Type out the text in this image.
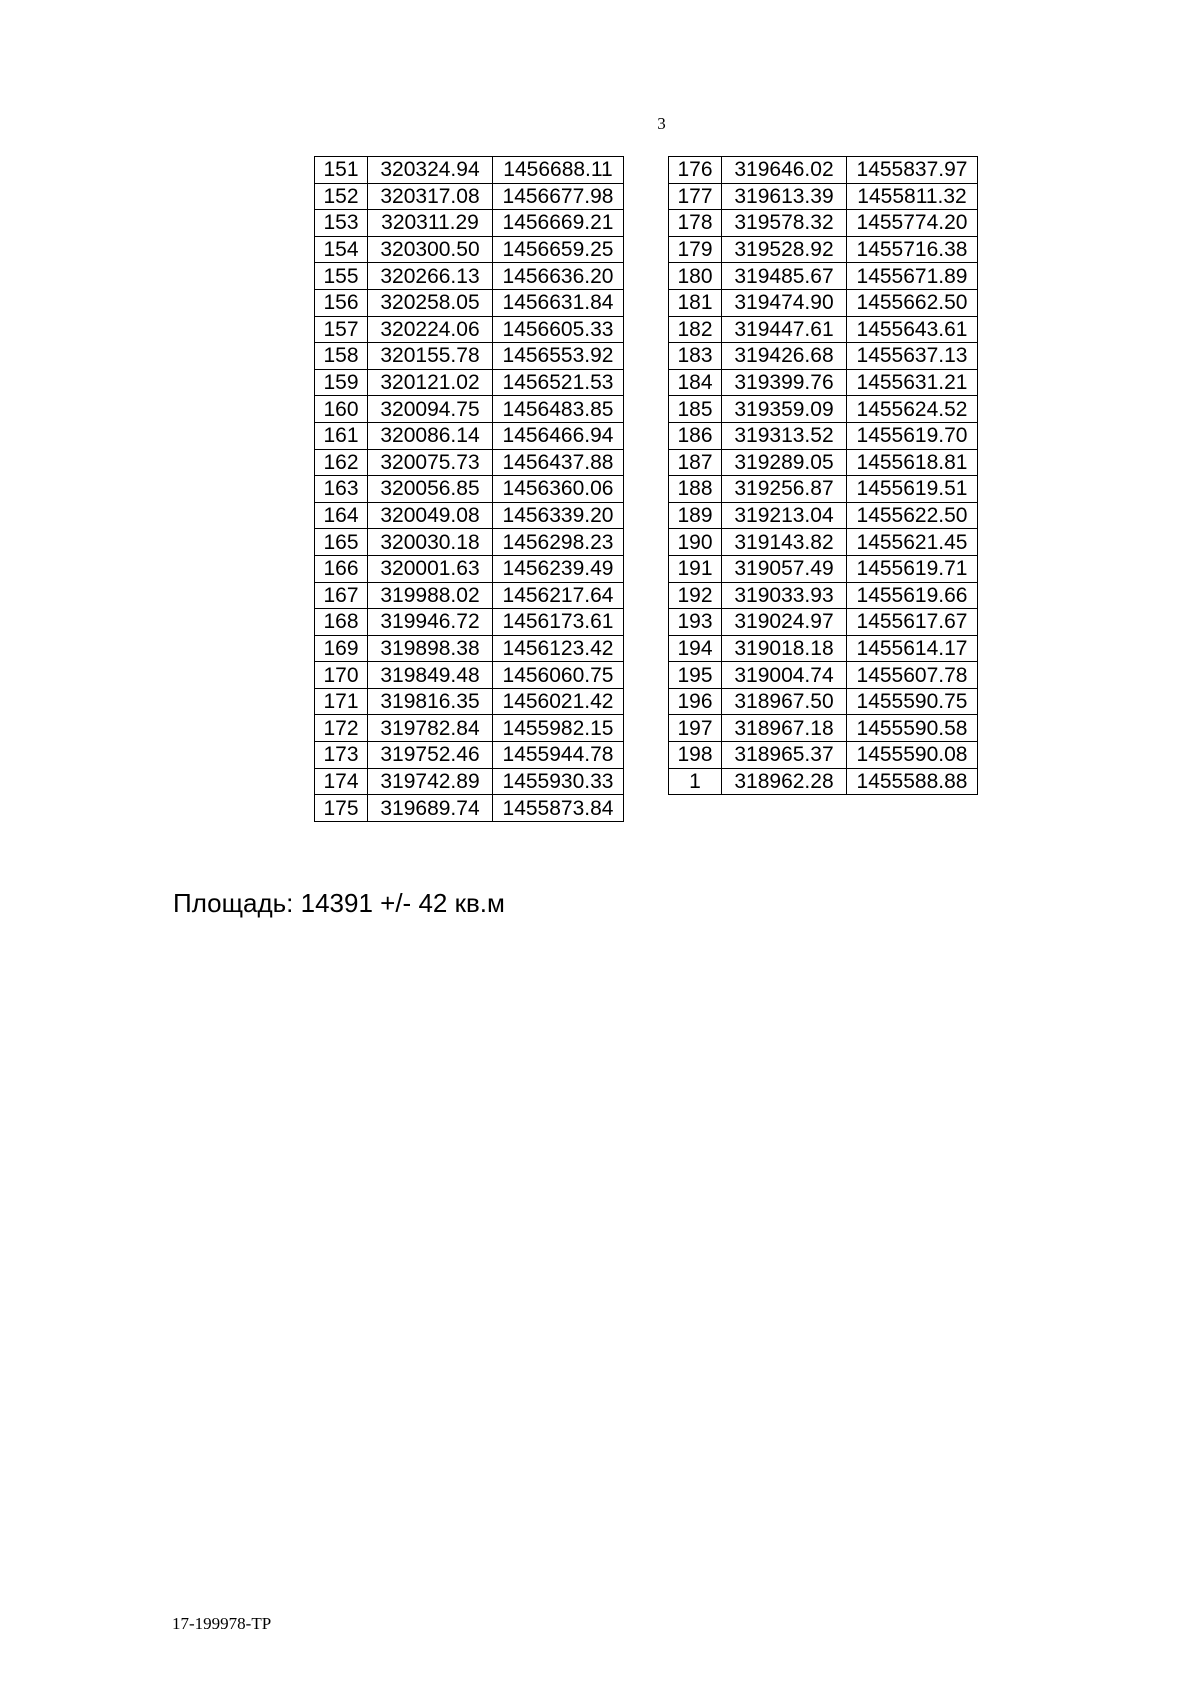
3
151	320324.94	1456688.11
152	320317.08	1456677.98
153	320311.29	1456669.21
154	320300.50	1456659.25
155	320266.13	1456636.20
156	320258.05	1456631.84
157	320224.06	1456605.33
158	320155.78	1456553.92
159	320121.02	1456521.53
160	320094.75	1456483.85
161	320086.14	1456466.94
162	320075.73	1456437.88
163	320056.85	1456360.06
164	320049.08	1456339.20
165	320030.18	1456298.23
166	320001.63	1456239.49
167	319988.02	1456217.64
168	319946.72	1456173.61
169	319898.38	1456123.42
170	319849.48	1456060.75
171	319816.35	1456021.42
172	319782.84	1455982.15
173	319752.46	1455944.78
174	319742.89	1455930.33
175	319689.74	1455873.84
176	319646.02	1455837.97
177	319613.39	1455811.32
178	319578.32	1455774.20
179	319528.92	1455716.38
180	319485.67	1455671.89
181	319474.90	1455662.50
182	319447.61	1455643.61
183	319426.68	1455637.13
184	319399.76	1455631.21
185	319359.09	1455624.52
186	319313.52	1455619.70
187	319289.05	1455618.81
188	319256.87	1455619.51
189	319213.04	1455622.50
190	319143.82	1455621.45
191	319057.49	1455619.71
192	319033.93	1455619.66
193	319024.97	1455617.67
194	319018.18	1455614.17
195	319004.74	1455607.78
196	318967.50	1455590.75
197	318967.18	1455590.58
198	318965.37	1455590.08
1	318962.28	1455588.88
Площадь: 14391 +/- 42 кв.м
17-199978-TP
